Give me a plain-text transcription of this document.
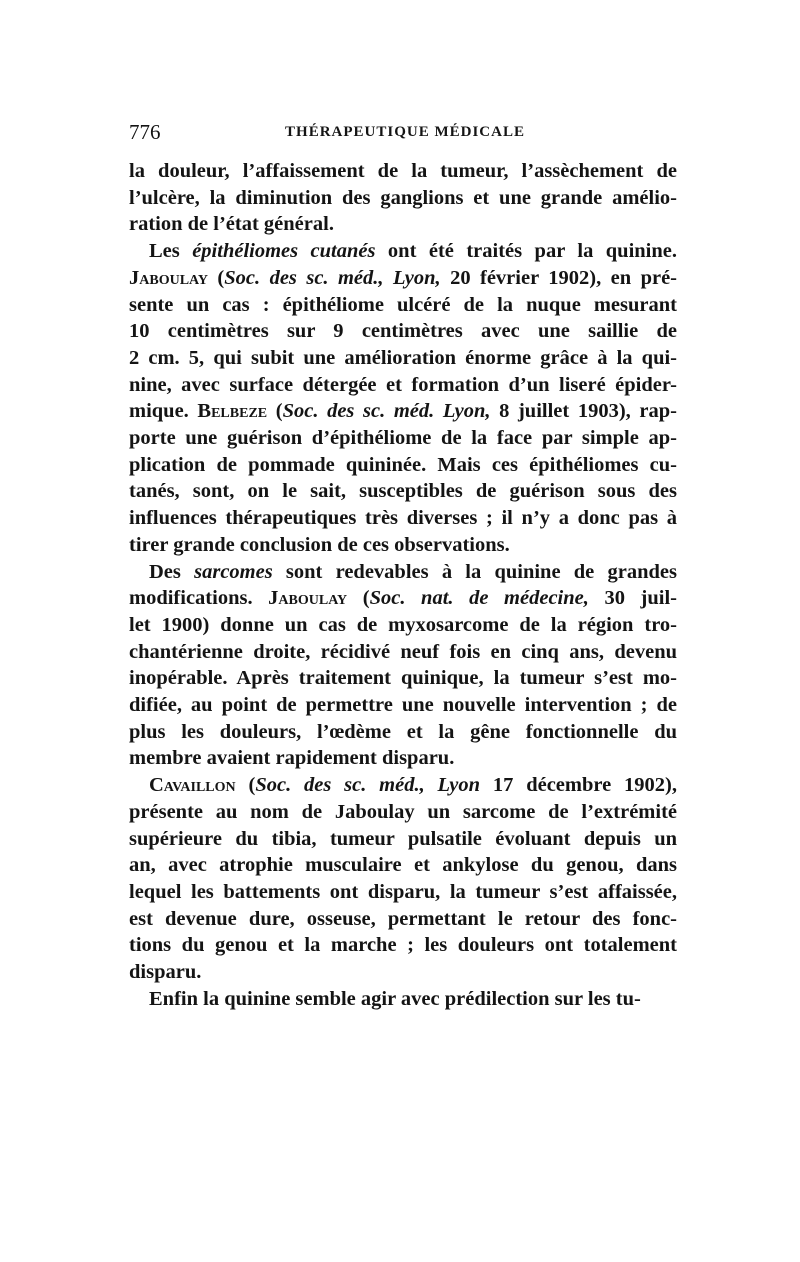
776	THÉRAPEUTIQUE MÉDICALE
la douleur, l’affaissement de la tumeur, l’assèchement de
l’ulcère, la diminution des ganglions et une grande amélio-
ration de l’état général.
Les épithéliomes cutanés ont été traités par la quinine.
Jaboulay (Soc. des sc. méd., Lyon, 20 février 1902), en pré-
sente un cas : épithéliome ulcéré de la nuque mesurant
10 centimètres sur 9 centimètres avec une saillie de
2 cm. 5, qui subit une amélioration énorme grâce à la qui-
nine, avec surface détergée et formation d’un liseré épider-
mique. Belbeze (Soc. des sc. méd. Lyon, 8 juillet 1903), rap-
porte une guérison d’épithéliome de la face par simple ap-
plication de pommade quininée. Mais ces épithéliomes cu-
tanés, sont, on le sait, susceptibles de guérison sous des
influences thérapeutiques très diverses ; il n’y a donc pas à
tirer grande conclusion de ces observations.
Des sarcomes sont redevables à la quinine de grandes
modifications. Jaboulay (Soc. nat. de médecine, 30 juil-
let 1900) donne un cas de myxosarcome de la région tro-
chantérienne droite, récidivé neuf fois en cinq ans, devenu
inopérable. Après traitement quinique, la tumeur s’est mo-
difiée, au point de permettre une nouvelle intervention ; de
plus les douleurs, l’œdème et la gêne fonctionnelle du
membre avaient rapidement disparu.
Cavaillon (Soc. des sc. méd., Lyon 17 décembre 1902),
présente au nom de Jaboulay un sarcome de l’extrémité
supérieure du tibia, tumeur pulsatile évoluant depuis un
an, avec atrophie musculaire et ankylose du genou, dans
lequel les battements ont disparu, la tumeur s’est affaissée,
est devenue dure, osseuse, permettant le retour des fonc-
tions du genou et la marche ; les douleurs ont totalement
disparu.
Enfin la quinine semble agir avec prédilection sur les tu-
